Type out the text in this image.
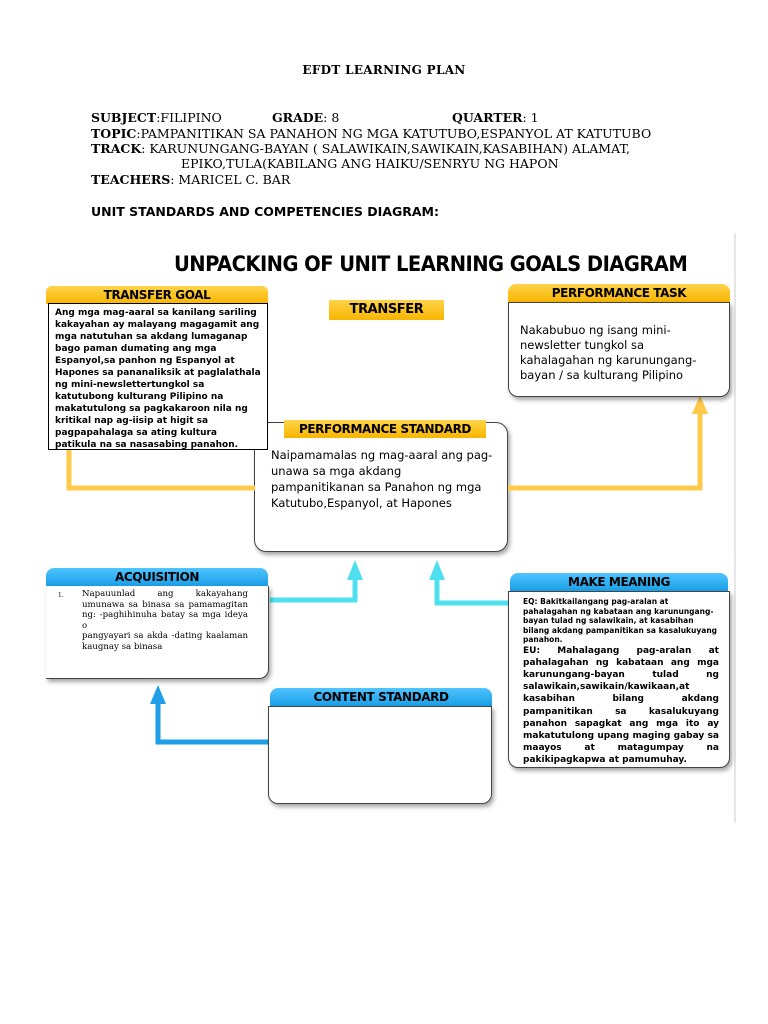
EFDT LEARNING PLAN
SUBJECT:FILIPINO	GRADE: 8	QUARTER: 1
TOPIC:PAMPANITIKAN SA PANAHON NG MGA KATUTUBO,ESPANYOL AT KATUTUBO
TRACK: KARUNUNGANG-BAYAN ( SALAWIKAIN,SAWIKAIN,KASABIHAN) ALAMAT,
EPIKO,TULA(KABILANG ANG HAIKU/SENRYU NG HAPON
TEACHERS: MARICEL C. BAR
UNIT STANDARDS AND COMPETENCIES DIAGRAM:
UNPACKING OF UNIT LEARNING GOALS DIAGRAM
TRANSFER
TRANSFER GOAL
Ang mga mag-aaral sa kanilang sariling kakayahan ay malayang magagamit ang mga natutuhan sa akdang lumaganap bago paman dumating ang mga Espanyol,sa panhon ng Espanyol at Hapones sa pananaliksik at paglalathala ng mini-newslettertungkol sa katutubong kulturang Pilipino na makatutulong sa pagkakaroon nila ng kritikal nap ag-iisip at higit sa pagpapahalaga sa ating kultura patikula na sa nasasabing panahon.
PERFORMANCE TASK
Nakabubuo ng isang mini-newsletter tungkol sa kahalagahan ng karunungang-bayan / sa kulturang Pilipino
PERFORMANCE STANDARD
Naipamamalas ng mag-aaral ang pag-unawa sa mga akdang pampanitikanan sa Panahon ng mga Katutubo,Espanyol, at Hapones
ACQUISITION
1. Napauunlad ang kakayahang
umunawa sa binasa sa pamamagitan
ng: -paghihinuha batay sa mga ideya o
pangyayari sa akda -dating kaalaman
kaugnay sa binasa
MAKE MEANING
EQ: Bakitkailangang pag-aralan at pahalagahan ng kabataan ang karunungang-bayan tulad ng salawikain, at kasabihan bilang akdang pampanitikan sa kasalukuyang panahon.
EU: Mahalagang pag-aralan at pahalagahan ng kabataan ang mga karunungang-bayan tulad ng salawikain,sawikain/kawikaan,at kasabihan bilang akdang pampanitikan sa kasalukuyang panahon sapagkat ang mga ito ay makatutulong upang maging gabay sa maayos at matagumpay na pakikipagkapwa at pamumuhay.
CONTENT STANDARD
